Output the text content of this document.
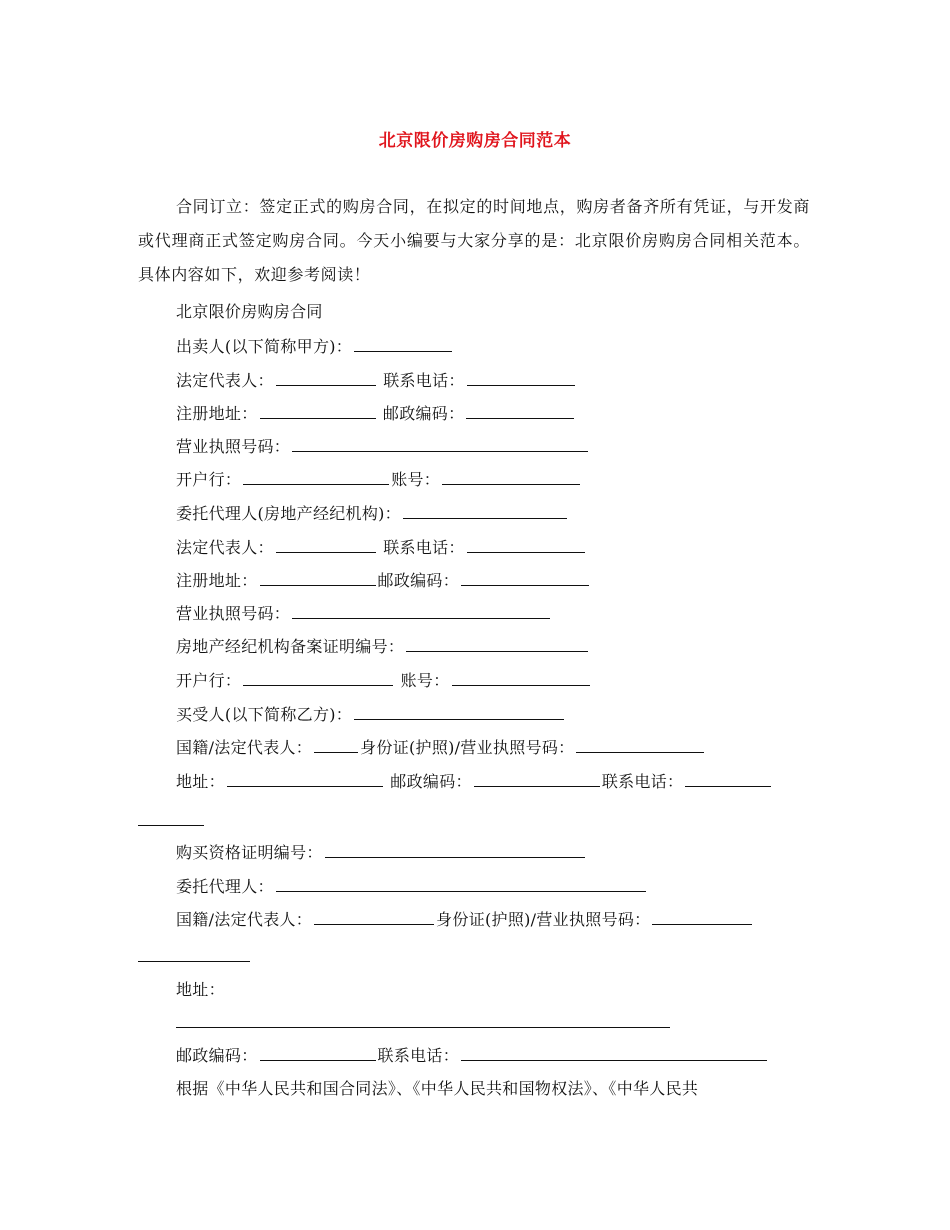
北京限价房购房合同范本
合同订立：签定正式的购房合同，在拟定的时间地点，购房者备齐所有凭证，与开发商或代理商正式签定购房合同。今天小编要与大家分享的是：北京限价房购房合同相关范本。具体内容如下，欢迎参考阅读！
北京限价房购房合同
出卖人(以下简称甲方)：
法定代表人：	联系电话：
注册地址：	邮政编码：
营业执照号码：
开户行：	账号：
委托代理人(房地产经纪机构)：
法定代表人：	联系电话：
注册地址：	邮政编码：
营业执照号码：
房地产经纪机构备案证明编号：
开户行：	账号：
买受人(以下简称乙方)：
国籍/法定代表人：	身份证(护照)/营业执照号码：
地址：	邮政编码：	联系电话：
购买资格证明编号：
委托代理人：
国籍/法定代表人：	身份证(护照)/营业执照号码：
地址：
邮政编码：	联系电话：
根据《中华人民共和国合同法》、《中华人民共和国物权法》、《中华人民共
